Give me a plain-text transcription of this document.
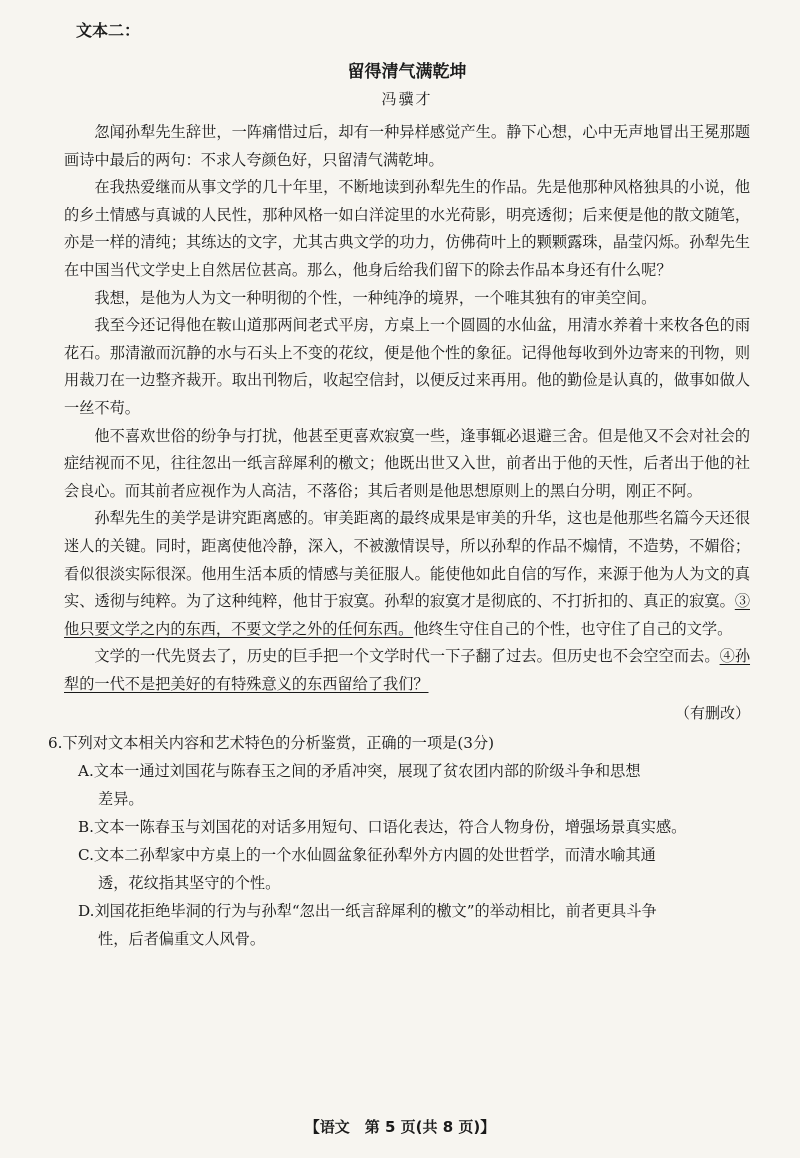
文本二：
留得清气满乾坤
冯骥才

忽闻孙犁先生辞世，一阵痛惜过后，却有一种异样感觉产生。静下心想，心中无声地冒出王冕那题画诗中最后的两句：不求人夸颜色好，只留清气满乾坤。

在我热爱继而从事文学的几十年里，不断地读到孙犁先生的作品。先是他那种风格独具的小说，他的乡土情感与真诚的人民性，那种风格一如白洋淀里的水光荷影，明亮透彻；后来便是他的散文随笔，亦是一样的清纯；其练达的文字，尤其古典文学的功力，仿佛荷叶上的颗颗露珠，晶莹闪烁。孙犁先生在中国当代文学史上自然居位甚高。那么，他身后给我们留下的除去作品本身还有什么呢？

我想，是他为人为文一种明彻的个性，一种纯净的境界，一个唯其独有的审美空间。

我至今还记得他在鞍山道那两间老式平房，方桌上一个圆圆的水仙盆，用清水养着十来枚各色的雨花石。那清澈而沉静的水与石头上不变的花纹，便是他个性的象征。记得他每收到外边寄来的刊物，则用裁刀在一边整齐裁开。取出刊物后，收起空信封，以便反过来再用。他的勤俭是认真的，做事如做人一丝不苟。

他不喜欢世俗的纷争与打扰，他甚至更喜欢寂寞一些，逢事辄必退避三舍。但是他又不会对社会的症结视而不见，往往忽出一纸言辞犀利的檄文；他既出世又入世，前者出于他的天性，后者出于他的社会良心。而其前者应视作为人高洁，不落俗；其后者则是他思想原则上的黑白分明，刚正不阿。

孙犁先生的美学是讲究距离感的。审美距离的最终成果是审美的升华，这也是他那些名篇今天还很迷人的关键。同时，距离使他冷静，深入，不被激情误导，所以孙犁的作品不煽情，不造势，不媚俗；看似很淡实际很深。他用生活本质的情感与美征服人。能使他如此自信的写作，来源于他为人为文的真实、透彻与纯粹。为了这种纯粹，他甘于寂寞。孙犁的寂寞才是彻底的、不打折扣的、真正的寂寞。③他只要文学之内的东西，不要文学之外的任何东西。他终生守住自己的个性，也守住了自己的文学。

文学的一代先贤去了，历史的巨手把一个文学时代一下子翻了过去。但历史也不会空空而去。④孙犁的一代不是把美好的有特殊意义的东西留给了我们？

（有删改）
6.下列对文本相关内容和艺术特色的分析鉴赏，正确的一项是(3分)
A.文本一通过刘国花与陈春玉之间的矛盾冲突，展现了贫农团内部的阶级斗争和思想
差异。
B.文本一陈春玉与刘国花的对话多用短句、口语化表达，符合人物身份，增强场景真实感。
C.文本二孙犁家中方桌上的一个水仙圆盆象征孙犁外方内圆的处世哲学，而清水喻其通
透，花纹指其坚守的个性。
D.刘国花拒绝毕洞的行为与孙犁“忽出一纸言辞犀利的檄文”的举动相比，前者更具斗争
性，后者偏重文人风骨。
【语文　第 5 页(共 8 页)】
